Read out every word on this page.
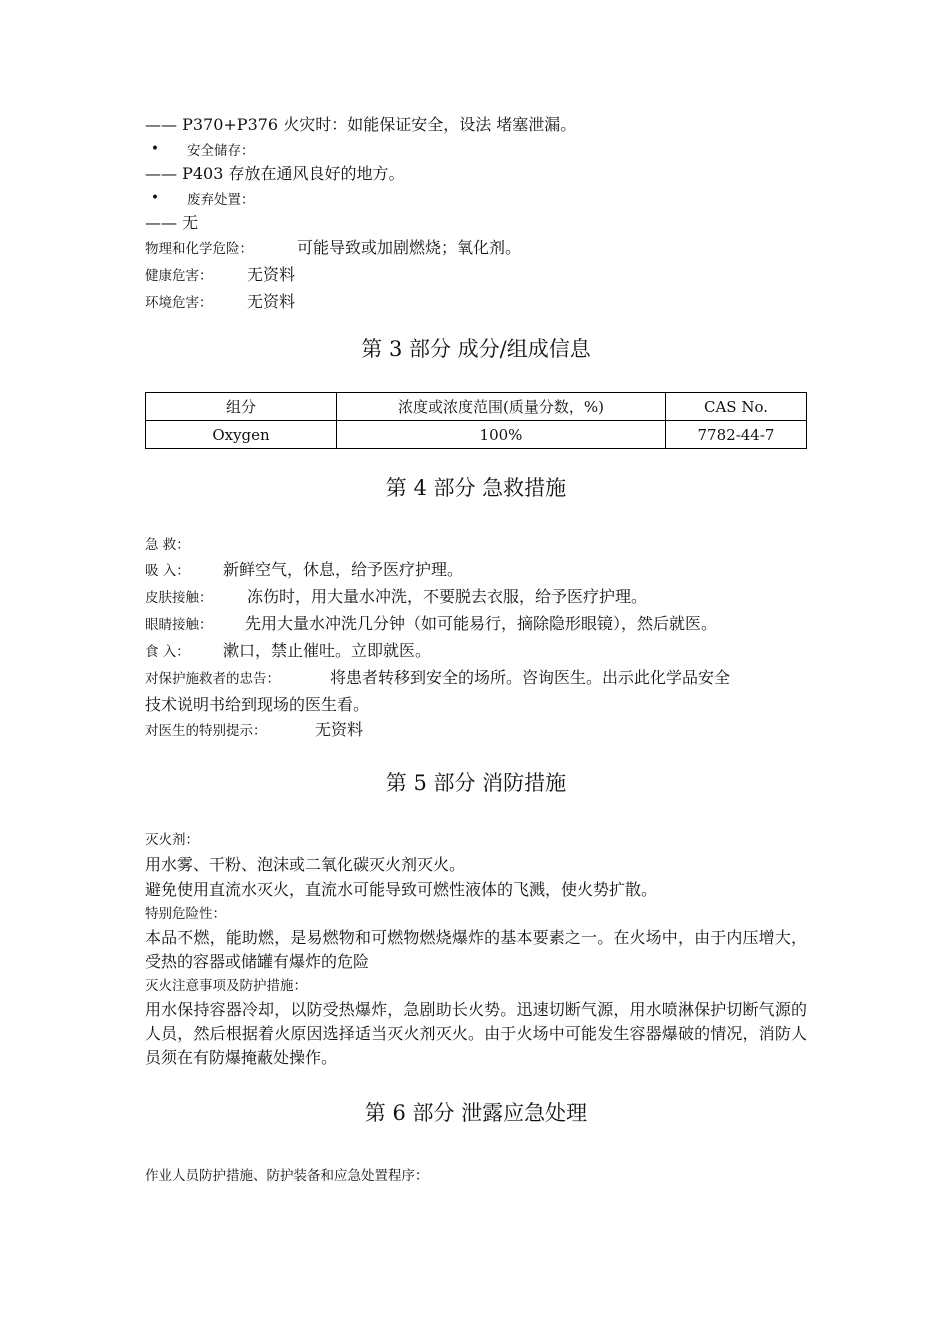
—— P370+P376 火灾时：如能保证安全，设法 堵塞泄漏。
•	安全储存：
—— P403 存放在通风良好的地方。
•	废弃处置：
—— 无
物理和化学危险：	可能导致或加剧燃烧；氧化剂。
健康危害：	无资料
环境危害：	无资料
第 3 部分 成分/组成信息
组分	浓度或浓度范围(质量分数，%)	CAS No.
Oxygen	100%	7782-44-7
第 4 部分 急救措施
急 救：
吸 入：	新鲜空气，休息，给予医疗护理。
皮肤接触：	冻伤时，用大量水冲洗，不要脱去衣服，给予医疗护理。
眼睛接触：	先用大量水冲洗几分钟（如可能易行，摘除隐形眼镜），然后就医。
食 入：	漱口，禁止催吐。立即就医。
对保护施救者的忠告：	将患者转移到安全的场所。咨询医生。出示此化学品安全
技术说明书给到现场的医生看。
对医生的特别提示：	无资料
第 5 部分 消防措施
灭火剂：
用水雾、干粉、泡沫或二氧化碳灭火剂灭火。
避免使用直流水灭火，直流水可能导致可燃性液体的飞溅，使火势扩散。
特别危险性：
本品不燃，能助燃，是易燃物和可燃物燃烧爆炸的基本要素之一。在火场中，由于内压增大，受热的容器或储罐有爆炸的危险
灭火注意事项及防护措施：
用水保持容器冷却，以防受热爆炸，急剧助长火势。迅速切断气源，用水喷淋保护切断气源的人员，然后根据着火原因选择适当灭火剂灭火。由于火场中可能发生容器爆破的情况，消防人员须在有防爆掩蔽处操作。
第 6 部分 泄露应急处理
作业人员防护措施、防护装备和应急处置程序：
